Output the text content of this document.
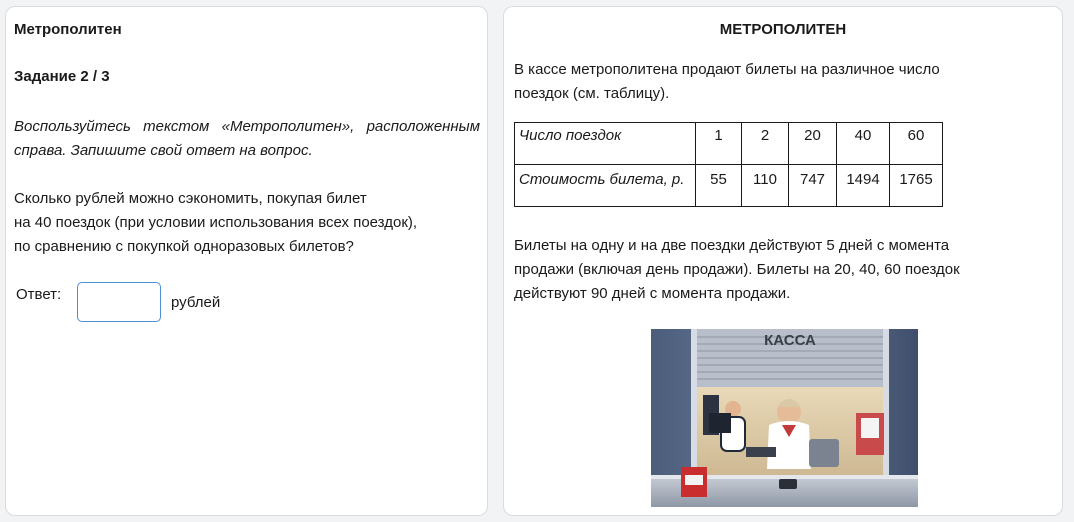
Метрополитен
Задание 2 / 3
Воспользуйтесь текстом «Метрополитен», расположенным справа. Запишите свой ответ на вопрос.
Сколько рублей можно сэкономить, покупая билет
на 40 поездок (при условии использования всех поездок),
по сравнению с покупкой одноразовых билетов?
Ответ:	рублей
МЕТРОПОЛИТЕН
В кассе метрополитена продают билеты на различное число
поездок (см. таблицу).
Число поездок	1	2	20	40	60
Стоимость билета, р.	55	110	747	1494	1765
Билеты на одну и на две поездки действуют 5 дней с момента
продажи (включая день продажи). Билеты на 20, 40, 60 поездок
действуют 90 дней с момента продажи.
КАССА
